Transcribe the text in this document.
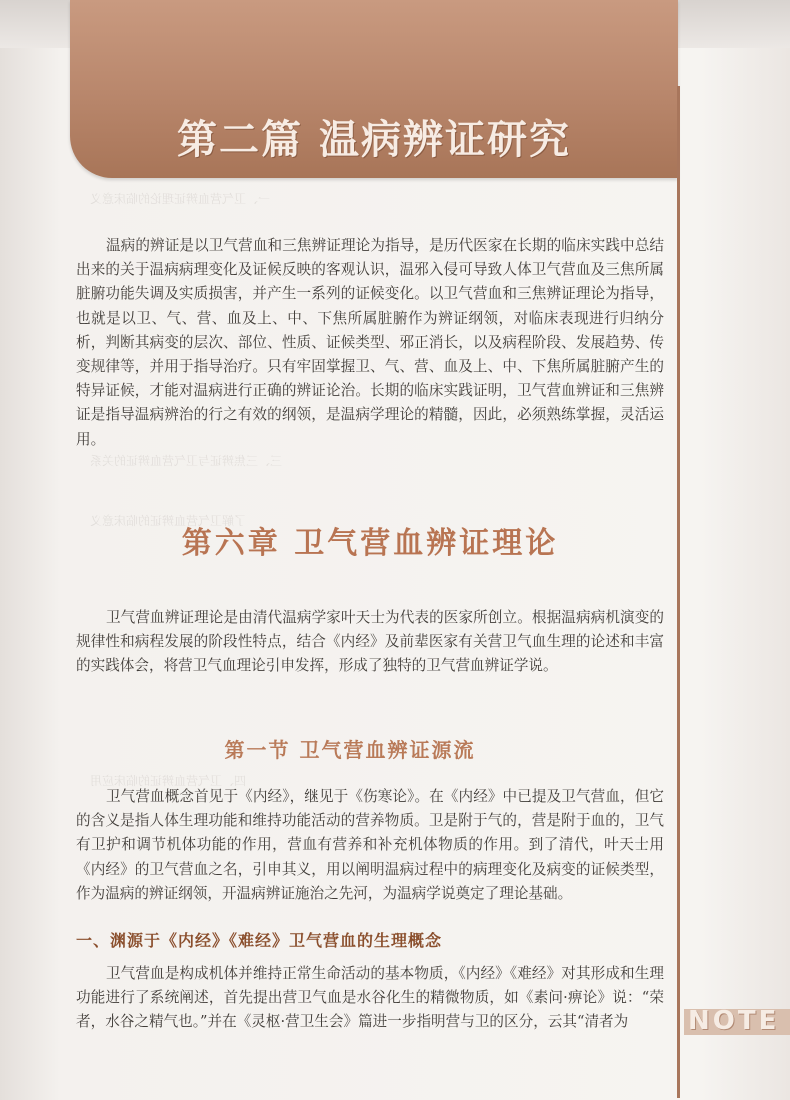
第二篇 温病辨证研究
一、卫气营血辨证理论的临床意义
三、三焦辨证与卫气营血辨证的关系
了解卫气营血辨证的临床意义
四、卫气营血辨证的临床应用

温病的辨证是以卫气营血和三焦辨证理论为指导，是历代医家在长期的临床实践中总结出来的关于温病病理变化及证候反映的客观认识，温邪入侵可导致人体卫气营血及三焦所属脏腑功能失调及实质损害，并产生一系列的证候变化。以卫气营血和三焦辨证理论为指导，也就是以卫、气、营、血及上、中、下焦所属脏腑作为辨证纲领，对临床表现进行归纳分析，判断其病变的层次、部位、性质、证候类型、邪正消长，以及病程阶段、发展趋势、传变规律等，并用于指导治疗。只有牢固掌握卫、气、营、血及上、中、下焦所属脏腑产生的特异证候，才能对温病进行正确的辨证论治。长期的临床实践证明，卫气营血辨证和三焦辨证是指导温病辨治的行之有效的纲领，是温病学理论的精髓，因此，必须熟练掌握，灵活运用。

第六章 卫气营血辨证理论

卫气营血辨证理论是由清代温病学家叶天士为代表的医家所创立。根据温病病机演变的规律性和病程发展的阶段性特点，结合《内经》及前辈医家有关营卫气血生理的论述和丰富的实践体会，将营卫气血理论引申发挥，形成了独特的卫气营血辨证学说。

第一节 卫气营血辨证源流

卫气营血概念首见于《内经》，继见于《伤寒论》。在《内经》中已提及卫气营血，但它的含义是指人体生理功能和维持功能活动的营养物质。卫是附于气的，营是附于血的，卫气有卫护和调节机体功能的作用，营血有营养和补充机体物质的作用。到了清代，叶天士用《内经》的卫气营血之名，引申其义，用以阐明温病过程中的病理变化及病变的证候类型，作为温病的辨证纲领，开温病辨证施治之先河，为温病学说奠定了理论基础。

一、渊源于《内经》《难经》卫气营血的生理概念

卫气营血是构成机体并维持正常生命活动的基本物质，《内经》《难经》对其形成和生理功能进行了系统阐述，首先提出营卫气血是水谷化生的精微物质，如《素问·痹论》说：“荣者，水谷之精气也。”并在《灵枢·营卫生会》篇进一步指明营与卫的区分，云其“清者为	NOTE
